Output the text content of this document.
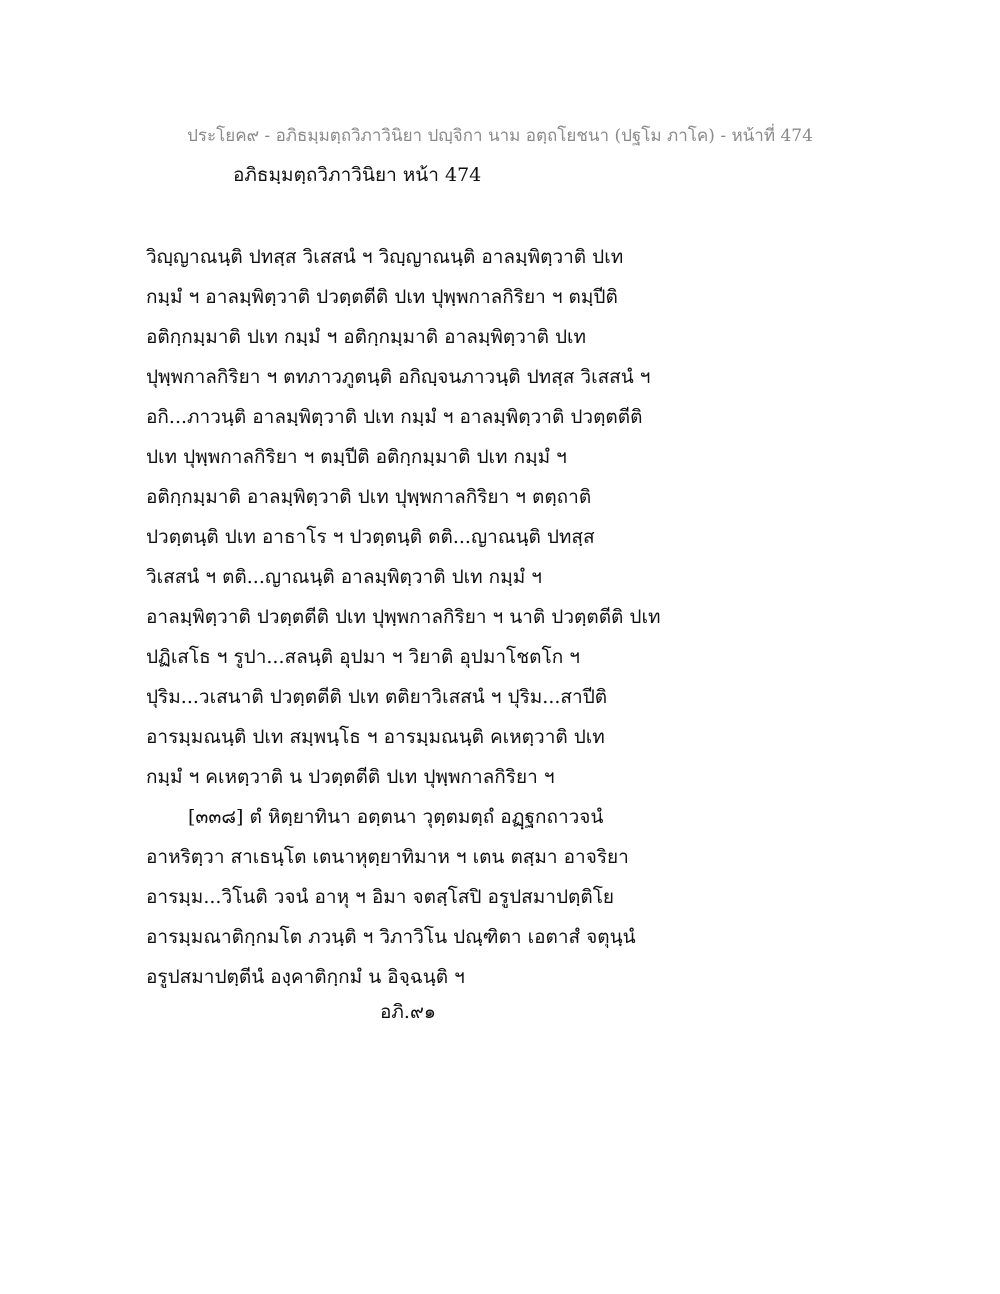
ประโยค๙ - อภิธมฺมตฺถวิภาวินิยา ปญฺจิกา นาม อตฺถโยชนา (ปฐโม ภาโค) - หน้าที่ 474
อภิธมฺมตฺถวิภาวินิยา หน้า 474
วิญฺญาณนฺติ ปทสฺส วิเสสนํ ฯ วิญฺญาณนฺติ อาลมฺพิตฺวาติ ปเท
กมฺมํ ฯ อาลมฺพิตฺวาติ ปวตฺตตีติ ปเท ปุพฺพกาลกิริยา ฯ ตมฺปีติ
อติกฺกมฺมาติ ปเท กมฺมํ ฯ อติกฺกมฺมาติ อาลมฺพิตฺวาติ ปเท
ปุพฺพกาลกิริยา ฯ ตทภาวภูตนฺติ อกิญฺจนภาวนฺติ ปทสฺส วิเสสนํ ฯ
อกิ...ภาวนฺติ อาลมฺพิตฺวาติ ปเท กมฺมํ ฯ อาลมฺพิตฺวาติ ปวตฺตตีติ
ปเท ปุพฺพกาลกิริยา ฯ ตมฺปีติ อติกฺกมฺมาติ ปเท กมฺมํ ฯ
อติกฺกมฺมาติ อาลมฺพิตฺวาติ ปเท ปุพฺพกาลกิริยา ฯ ตตฺถาติ
ปวตฺตนฺติ ปเท อาธาโร ฯ ปวตฺตนฺติ ตติ...ญาณนฺติ ปทสฺส
วิเสสนํ ฯ ตติ...ญาณนฺติ อาลมฺพิตฺวาติ ปเท กมฺมํ ฯ
อาลมฺพิตฺวาติ ปวตฺตตีติ ปเท ปุพฺพกาลกิริยา ฯ นาติ ปวตฺตตีติ ปเท
ปฏิเสโธ ฯ รูปา...สลนฺติ อุปมา ฯ วิยาติ อุปมาโชตโก ฯ
ปุริม...วเสนาติ ปวตฺตตีติ ปเท ตติยาวิเสสนํ ฯ ปุริม...สาปีติ
อารมฺมณนฺติ ปเท สมฺพนฺโธ ฯ อารมฺมณนฺติ คเหตฺวาติ ปเท
กมฺมํ ฯ คเหตฺวาติ น ปวตฺตตีติ ปเท ปุพฺพกาลกิริยา ฯ
[๓๓๘] ตํ หิตฺยาทินา อตฺตนา วุตฺตมตฺถํ อฏฺฐกถาวจนํ
อาหริตฺวา สาเธนฺโต เตนาหุตฺยาทิมาห ฯ เตน ตสฺมา อาจริยา
อารมฺม...วิโนติ วจนํ อาหุ ฯ อิมา จตสฺโสปิ อรูปสมาปตฺติโย
อารมฺมณาติกฺกมโต ภวนฺติ ฯ วิภาวิโน ปณฺฑิตา เอตาสํ จตุนฺนํ
อรูปสมาปตฺตีนํ องฺคาติกฺกมํ น อิจฺฉนฺติ ฯ
อภิ.๙๑
